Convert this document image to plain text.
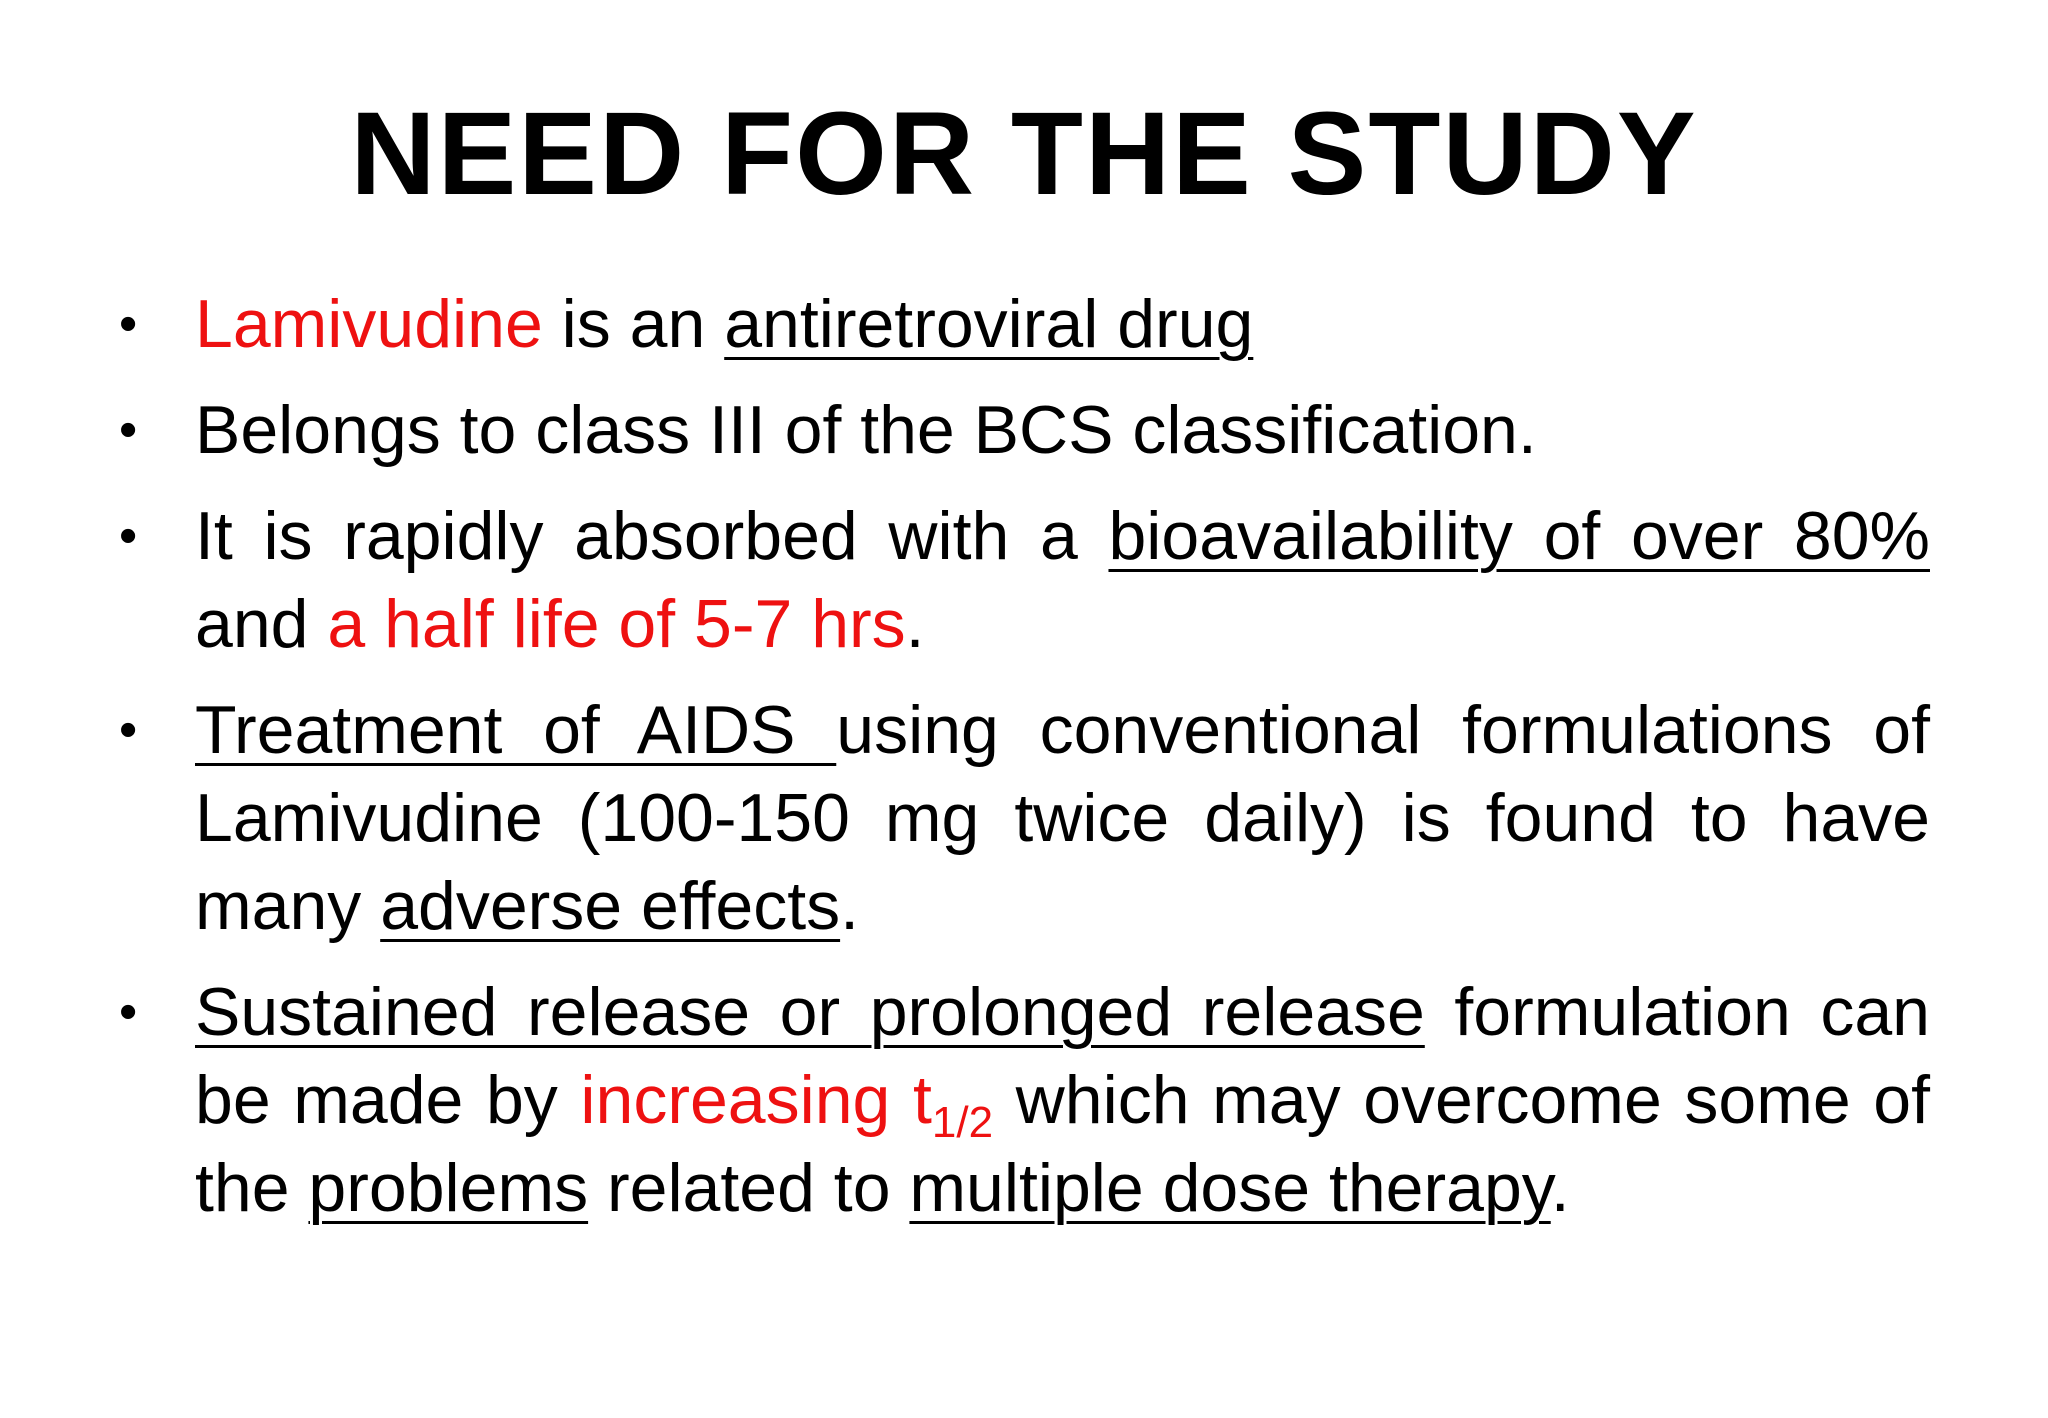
NEED FOR THE STUDY
• Lamivudine is an antiretroviral drug
• Belongs to class III of the BCS classification.
• It is rapidly absorbed with a bioavailability of over 80% and a half life of 5-7 hrs.
• Treatment of AIDS using conventional formulations of Lamivudine (100-150 mg twice daily) is found to have many adverse effects.
• Sustained release or prolonged release formulation can be made by increasing $t_{1/2}$ which may overcome some of the problems related to multiple dose therapy.
